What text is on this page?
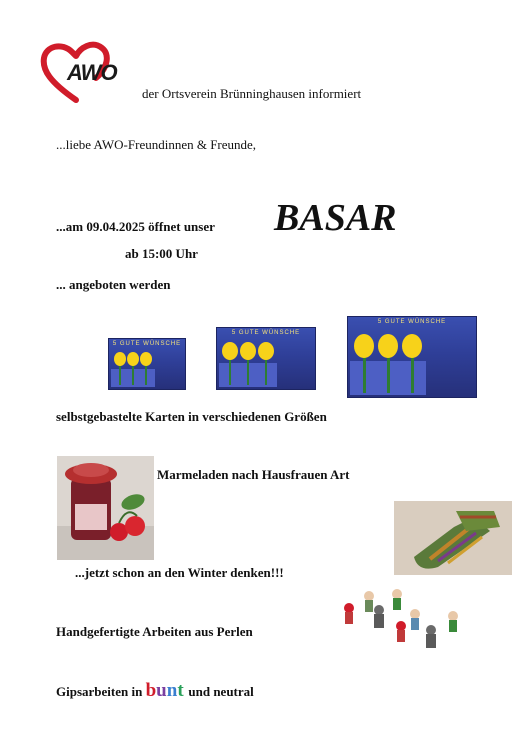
AWO
der Ortsverein Brünninghausen informiert
...liebe AWO-Freundinnen & Freunde,
...am 09.04.2025 öffnet unser BASAR
ab 15:00 Uhr
... angeboten werden
5 GUTE WÜNSCHE
5 GUTE WÜNSCHE
5 GUTE WÜNSCHE
selbstgebastelte Karten in verschiedenen Größen
Marmeladen nach Hausfrauen Art
...jetzt schon an den Winter denken!!!
Handgefertigte Arbeiten aus Perlen
Gipsarbeiten in bunt und neutral
